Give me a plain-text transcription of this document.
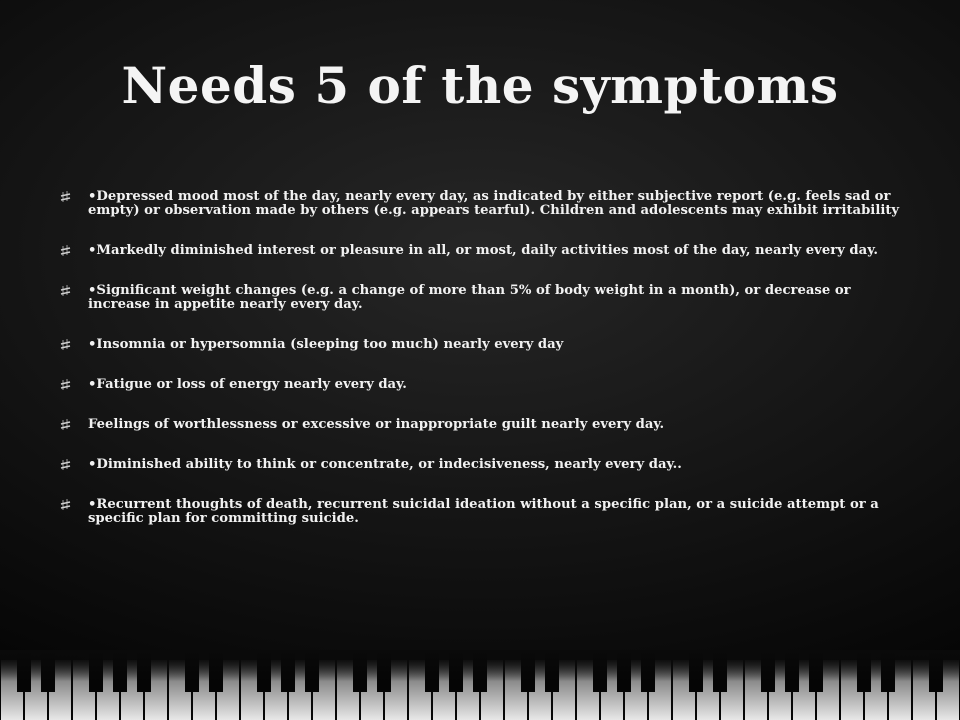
Needs 5 of the symptoms
•Depressed mood most of the day, nearly every day, as indicated by either subjective report (e.g. feels sad or empty) or observation made by others (e.g. appears tearful). Children and adolescents may exhibit irritability
•Markedly diminished interest or pleasure in all, or most, daily activities most of the day, nearly every day.
•Significant weight changes (e.g. a change of more than 5% of body weight in a month), or decrease or increase in appetite nearly every day.
•Insomnia or hypersomnia (sleeping too much) nearly every day
•Fatigue or loss of energy nearly every day.
Feelings of worthlessness or excessive or inappropriate guilt nearly every day.
•Diminished ability to think or concentrate, or indecisiveness, nearly every day..
•Recurrent thoughts of death, recurrent suicidal ideation without a specific plan, or a suicide attempt or a specific plan for committing suicide.
